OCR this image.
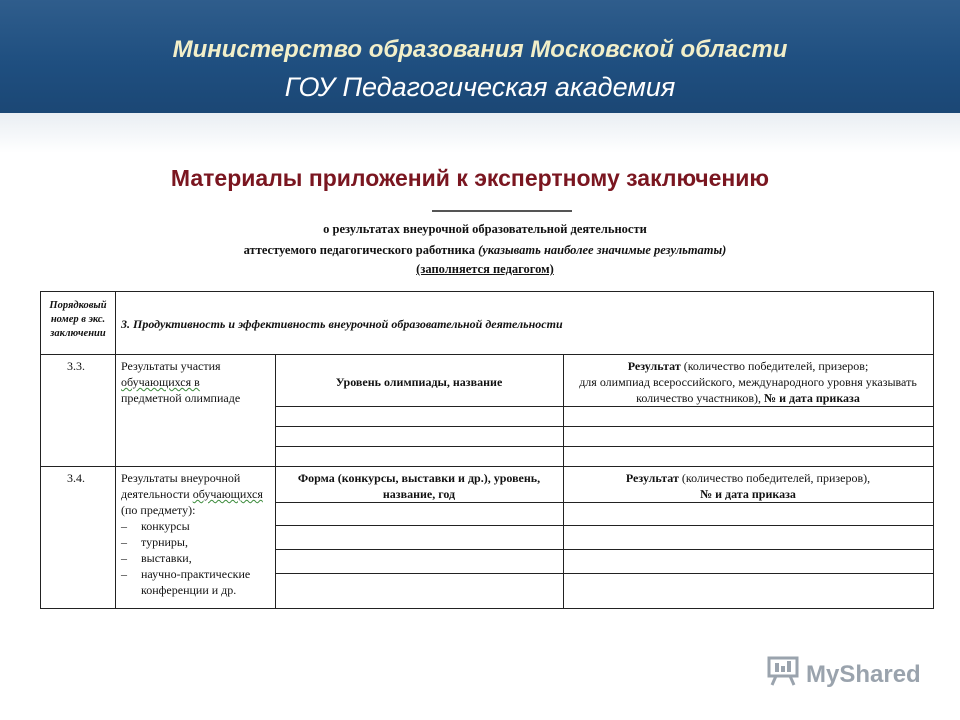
Министерство образования Московской области
ГОУ Педагогическая академия
Материалы приложений к экспертному заключению
о результатах внеурочной образовательной деятельности
аттестуемого педагогического работника (указывать наиболее значимые результаты)
(заполняется педагогом)
Порядковый номер в экс. заключении
3. Продуктивность и эффективность внеурочной образовательной деятельности
3.3.	Результаты участия
обучающихся в
предметной олимпиаде
Уровень олимпиады, название
Результат (количество победителей, призеров;
для олимпиад всероссийского, международного уровня указывать
количество участников), № и дата приказа
3.4.	Результаты внеурочной
деятельности обучающихся
(по предмету):
– конкурсы
– турниры,
– выставки,
– научно-практические конференции и др.
Форма (конкурсы, выставки и др.), уровень,
название, год
Результат (количество победителей, призеров),
№ и дата приказа
MyShared
